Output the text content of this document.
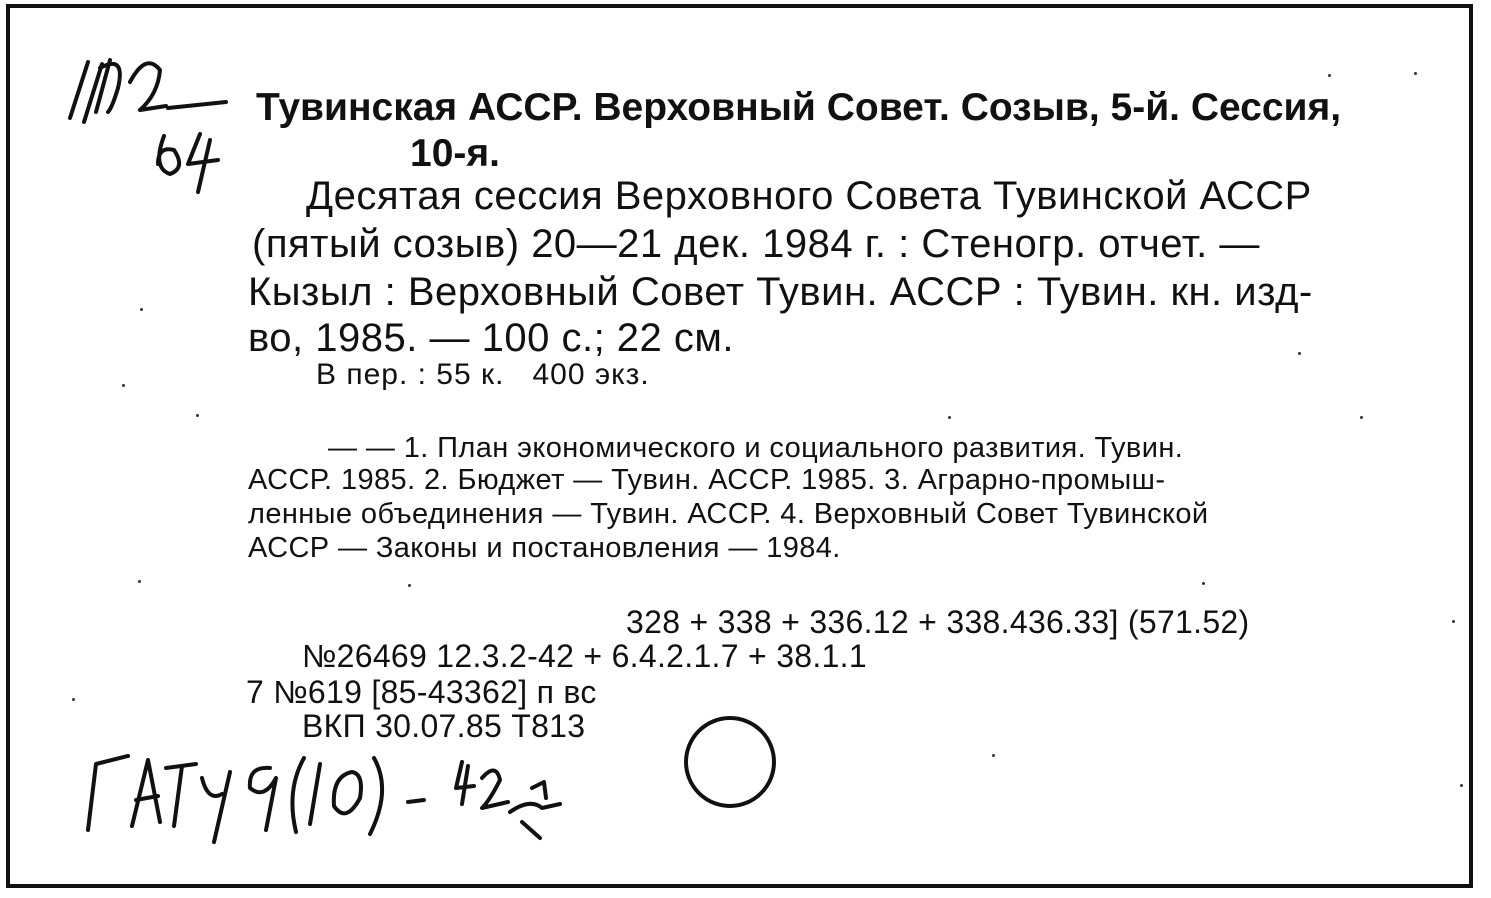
Тувинская АССР. Верховный Совет. Созыв, 5-й. Сессия,

10-я.

Десятая сессия Верховного Совета Тувинской АССР

(пятый созыв) 20—21 дек. 1984 г. : Стеногр. отчет. —

Кызыл : Верховный Совет Тувин. АССР : Тувин. кн. изд-

во, 1985. — 100 с.; 22 см.

В пер. : 55 к.   400 экз.

— — 1. План экономического и социального развития. Тувин.

АССР. 1985. 2. Бюджет — Тувин. АССР. 1985. 3. Аграрно-промыш-

ленные объединения — Тувин. АССР. 4. Верховный Совет Тувинской

АССР — Законы и постановления — 1984.

328 + 338 + 336.12 + 338.436.33] (571.52)

№26469 12.3.2-42 + 6.4.2.1.7 + 38.1.1

7 №619 [85-43362] п вс

ВКП 30.07.85 Т813
